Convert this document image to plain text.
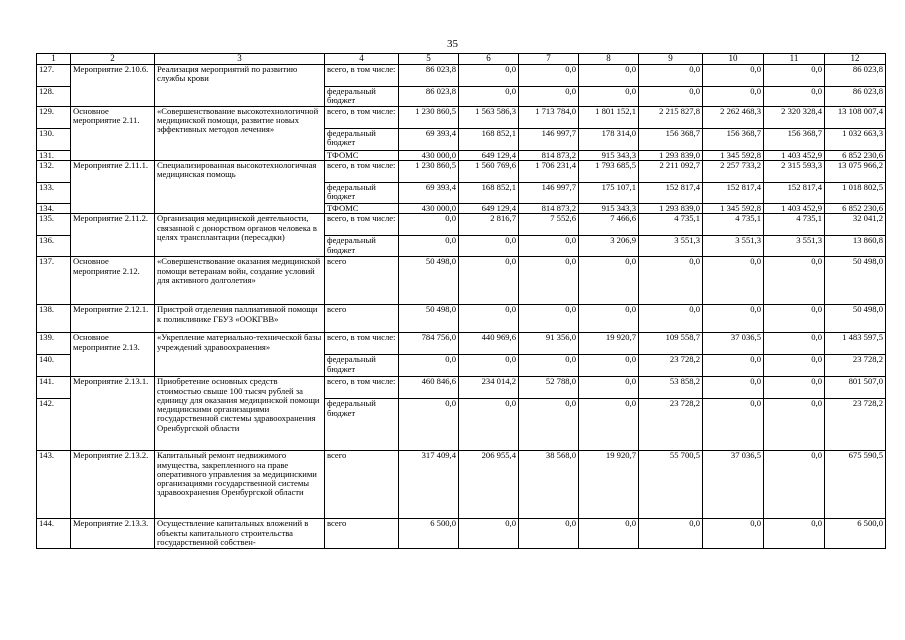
35
1	2	3	4	5	6	7	8	9	10	11	12
127.	Мероприятие 2.10.6.	Реализация мероприятий по развитию службы крови	всего, в том числе:	86 023,8	0,0	0,0	0,0	0,0	0,0	0,0	86 023,8
128.			федеральный бюджет	86 023,8	0,0	0,0	0,0	0,0	0,0	0,0	86 023,8
129.	Основное мероприятие 2.11.	«Совершенствование высокотехнологичной медицинской помощи, развитие новых эффективных методов лечения»	всего, в том числе:	1 230 860,5	1 563 586,3	1 713 784,0	1 801 152,1	2 215 827,8	2 262 468,3	2 320 328,4	13 108 007,4
130.			федеральный бюджет	69 393,4	168 852,1	146 997,7	178 314,0	156 368,7	156 368,7	156 368,7	1 032 663,3
131.			ТФОМС	430 000,0	649 129,4	814 873,2	915 343,3	1 293 839,0	1 345 592,8	1 403 452,9	6 852 230,6
132.	Мероприятие 2.11.1.	Специализированная высокотехнологичная медицинская помощь	всего, в том числе:	1 230 860,5	1 560 769,6	1 706 231,4	1 793 685,5	2 211 092,7	2 257 733,2	2 315 593,3	13 075 966,2
133.			федеральный бюджет	69 393,4	168 852,1	146 997,7	175 107,1	152 817,4	152 817,4	152 817,4	1 018 802,5
134.			ТФОМС	430 000,0	649 129,4	814 873,2	915 343,3	1 293 839,0	1 345 592,8	1 403 452,9	6 852 230,6
135.	Мероприятие 2.11.2.	Организация медицинской деятельности, связанной с донорством органов человека в целях трансплантации (пересадки)	всего, в том числе:	0,0	2 816,7	7 552,6	7 466,6	4 735,1	4 735,1	4 735,1	32 041,2
136.			федеральный бюджет	0,0	0,0	0,0	3 206,9	3 551,3	3 551,3	3 551,3	13 860,8
137.	Основное мероприятие 2.12.	«Совершенствование оказания медицинской помощи ветеранам войн, создание условий для активного долголетия»	всего	50 498,0	0,0	0,0	0,0	0,0	0,0	0,0	50 498,0
138.	Мероприятие 2.12.1.	Пристрой отделения паллиативной помощи к поликлинике ГБУЗ «ООКГВВ»	всего	50 498,0	0,0	0,0	0,0	0,0	0,0	0,0	50 498,0
139.	Основное мероприятие 2.13.	«Укрепление материально-технической базы учреждений здравоохранения»	всего, в том числе:	784 756,0	440 969,6	91 356,0	19 920,7	109 558,7	37 036,5	0,0	1 483 597,5
140.			федеральный бюджет	0,0	0,0	0,0	0,0	23 728,2	0,0	0,0	23 728,2
141.	Мероприятие 2.13.1.	Приобретение основных средств стоимостью свыше 100 тысяч рублей за единицу для оказания медицинской помощи медицинскими организациями государственной системы здравоохранения Оренбургской области	всего, в том числе:	460 846,6	234 014,2	52 788,0	0,0	53 858,2	0,0	0,0	801 507,0
142.			федеральный бюджет	0,0	0,0	0,0	0,0	23 728,2	0,0	0,0	23 728,2
143.	Мероприятие 2.13.2.	Капитальный ремонт недвижимого имущества, закрепленного на праве оперативного управления за медицинскими организациями государственной системы здравоохранения Оренбургской области	всего	317 409,4	206 955,4	38 568,0	19 920,7	55 700,5	37 036,5	0,0	675 590,5
144.	Мероприятие 2.13.3.	Осуществление капитальных вложений в объекты капитального строительства государственной собствен-	всего	6 500,0	0,0	0,0	0,0	0,0	0,0	0,0	6 500,0
